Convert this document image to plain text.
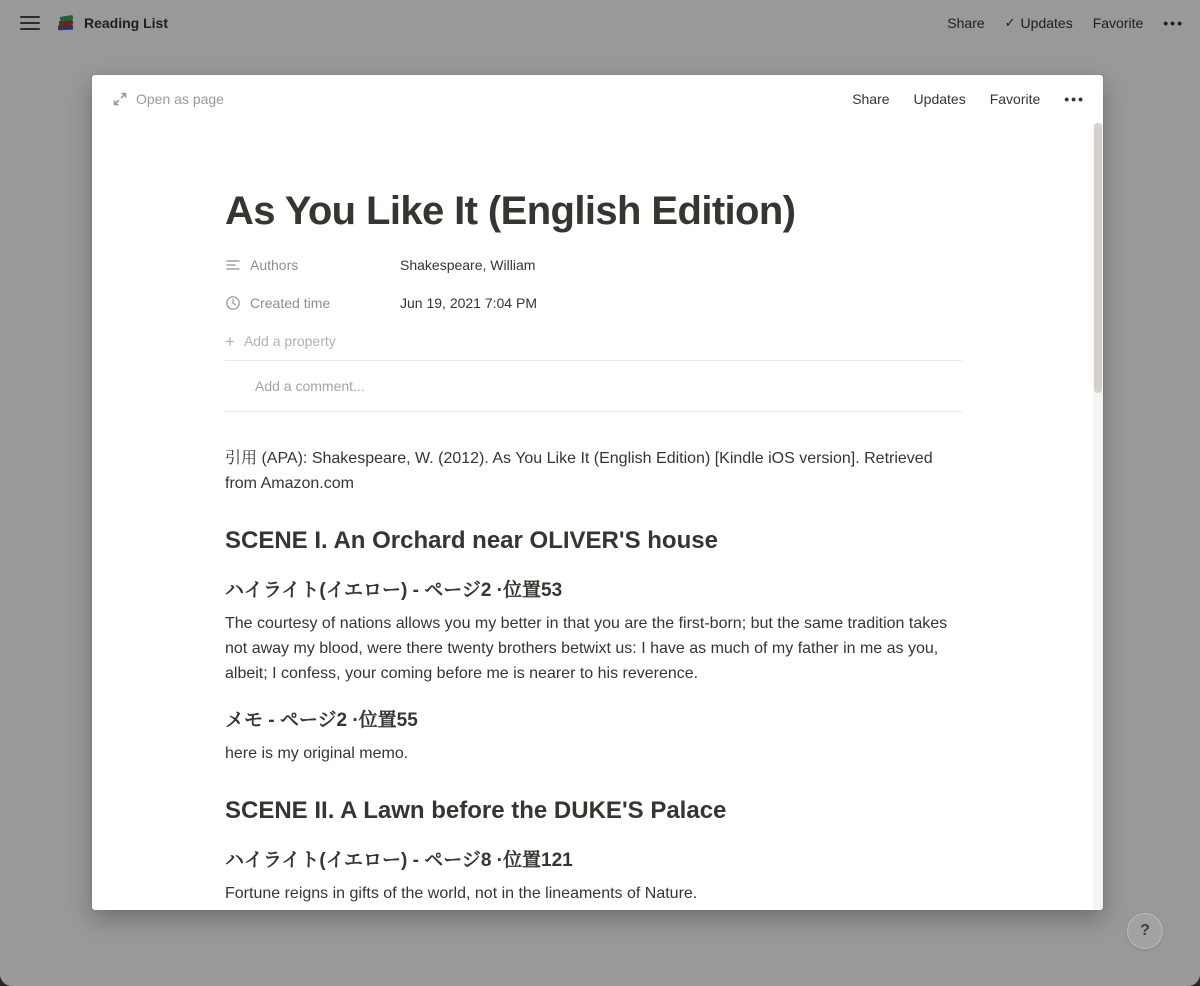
Reading List	Share ✓ Updates Favorite •••
Open as page	Share Updates Favorite •••
As You Like It (English Edition)
Authors	Shakespeare, William
Created time	Jun 19, 2021 7:04 PM
+ Add a property
Add a comment...
引用 (APA): Shakespeare, W. (2012). As You Like It (English Edition) [Kindle iOS version]. Retrieved from Amazon.com
SCENE I. An Orchard near OLIVER'S house
ハイライト(イエロー) - ページ2 ·位置53
The courtesy of nations allows you my better in that you are the first-born; but the same tradition takes not away my blood, were there twenty brothers betwixt us: I have as much of my father in me as you, albeit; I confess, your coming before me is nearer to his reverence.
メモ - ページ2 ·位置55
here is my original memo.
SCENE II. A Lawn before the DUKE'S Palace
ハイライト(イエロー) - ページ8 ·位置121
Fortune reigns in gifts of the world, not in the lineaments of Nature.
?
